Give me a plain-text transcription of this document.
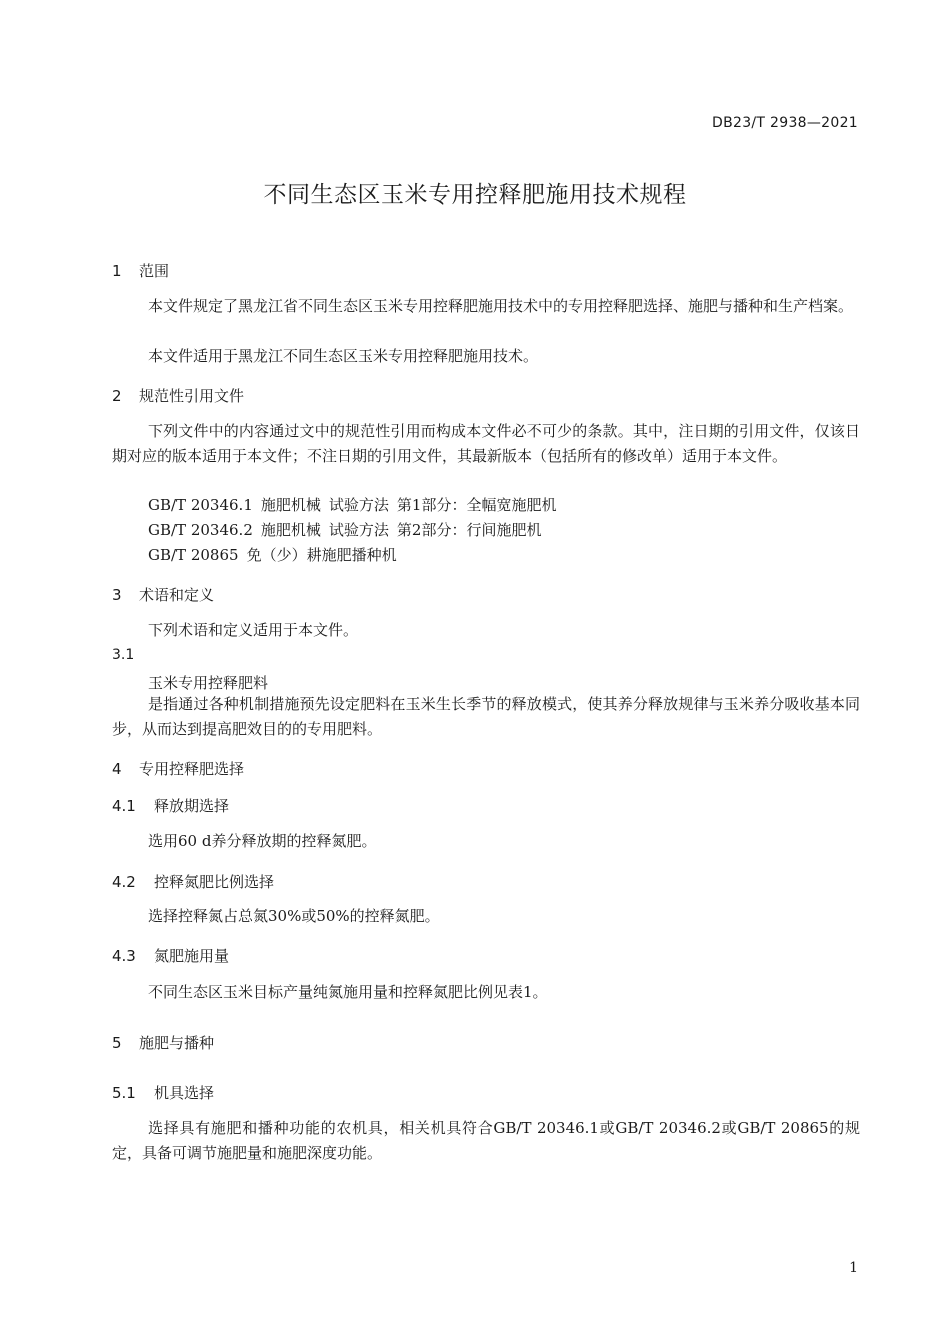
DB23/T 2938—2021
不同生态区玉米专用控释肥施用技术规程
1 范围

本文件规定了黑龙江省不同生态区玉米专用控释肥施用技术中的专用控释肥选择、施肥与播种和生产档案。

本文件适用于黑龙江不同生态区玉米专用控释肥施用技术。

2 规范性引用文件

下列文件中的内容通过文中的规范性引用而构成本文件必不可少的条款。其中，注日期的引用文件，仅该日期对应的版本适用于本文件；不注日期的引用文件，其最新版本（包括所有的修改单）适用于本文件。

GB/T 20346.1 施肥机械 试验方法 第1部分：全幅宽施肥机
GB/T 20346.2 施肥机械 试验方法 第2部分：行间施肥机
GB/T 20865 免（少）耕施肥播种机
3 术语和定义

下列术语和定义适用于本文件。

3.1
玉米专用控释肥料

是指通过各种机制措施预先设定肥料在玉米生长季节的释放模式，使其养分释放规律与玉米养分吸收基本同步，从而达到提高肥效目的的专用肥料。

4 专用控释肥选择
4.1 释放期选择

选用60 d养分释放期的控释氮肥。

4.2 控释氮肥比例选择

选择控释氮占总氮30%或50%的控释氮肥。

4.3 氮肥施用量

不同生态区玉米目标产量纯氮施用量和控释氮肥比例见表1。

5 施肥与播种
5.1 机具选择

选择具有施肥和播种功能的农机具，相关机具符合GB/T 20346.1或GB/T 20346.2或GB/T 20865的规定，具备可调节施肥量和施肥深度功能。

1
